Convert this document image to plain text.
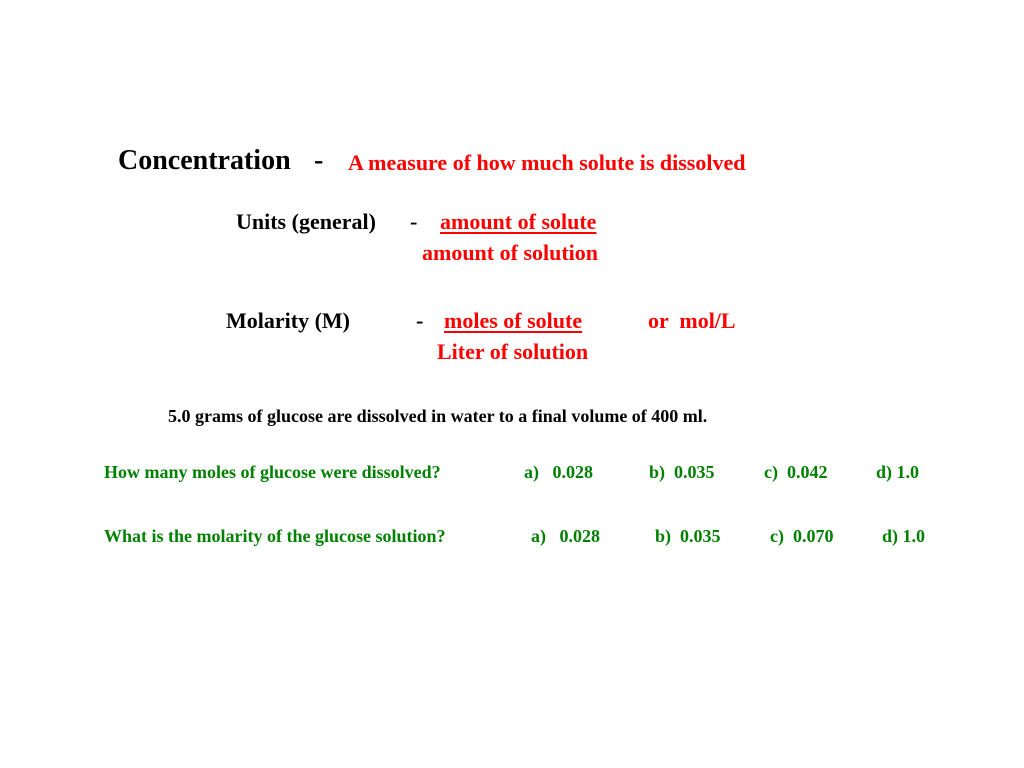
Concentration - A measure of how much solute is dissolved
Units (general) - amount of solute
amount of solution
Molarity (M)	- moles of solute	or  mol/L
Liter of solution
5.0 grams of glucose are dissolved in water to a final volume of 400 ml.
How many moles of glucose were dissolved?	a)   0.028	b)  0.035	c)  0.042	d) 1.0
What is the molarity of the glucose solution?	a)   0.028	b)  0.035	c)  0.070	d) 1.0
